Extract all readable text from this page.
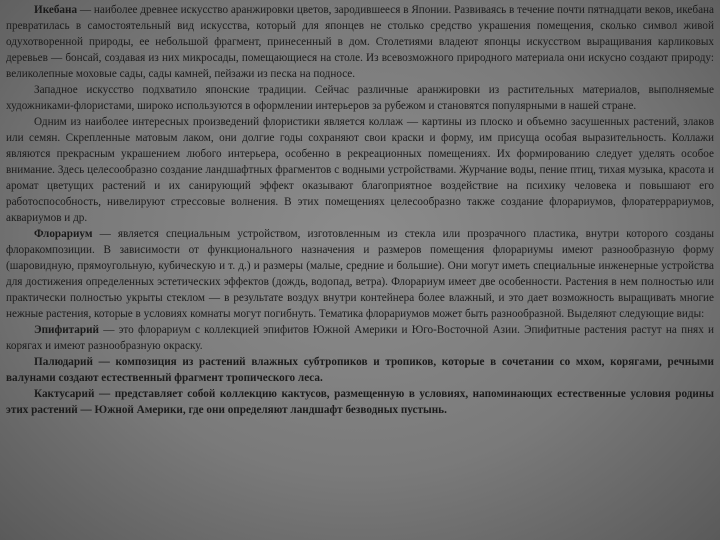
Икебана — наиболее древнее искусство аранжировки цветов, зародившееся в Японии. Развиваясь в течение почти пятнадцати веков, икебана превратилась в самостоятельный вид искусства, который для японцев не столько средство украшения помещения, сколько символ живой одухотворенной природы, ее небольшой фрагмент, принесенный в дом. Столетиями владеют японцы искусством выращивания карликовых деревьев — бонсай, создавая из них микросады, помещающиеся на столе. Из всевозможного природного материала они искусно создают природу: великолепные моховые сады, сады камней, пейзажи из песка на подносе.

Западное искусство подхватило японские традиции. Сейчас различные аранжировки из растительных материалов, выполняемые художниками-флористами, широко используются в оформлении интерьеров за рубежом и становятся популярными в нашей стране.

Одним из наиболее интересных произведений флористики является коллаж — картины из плоско и объемно засушенных растений, злаков или семян. Скрепленные матовым лаком, они долгие годы сохраняют свои краски и форму, им присуща особая выразительность. Коллажи являются прекрасным украшением любого интерьера, особенно в рекреационных помещениях. Их формированию следует уделять особое внимание. Здесь целесообразно создание ландшафтных фрагментов с водными устройствами. Журчание воды, пение птиц, тихая музыка, красота и аромат цветущих растений и их санирующий эффект оказывают благоприятное воздействие на психику человека и повышают его работоспособность, нивелируют стрессовые волнения. В этих помещениях целесообразно также создание флорариумов, флоратеррариумов, аквариумов и др.

Флорариум — является специальным устройством, изготовленным из стекла или прозрачного пластика, внутри которого созданы флоракомпозиции. В зависимости от функционального назначения и размеров помещения флорариумы имеют разнообразную форму (шаровидную, прямоугольную, кубическую и т. д.) и размеры (малые, средние и большие). Они могут иметь специальные инженерные устройства для достижения определенных эстетических эффектов (дождь, водопад, ветра). Флорариум имеет две особенности. Растения в нем полностью или практически полностью укрыты стеклом — в результате воздух внутри контейнера более влажный, и это дает возможность выращивать многие нежные растения, которые в условиях комнаты могут погибнуть. Тематика флорариумов может быть разнообразной. Выделяют следующие виды:

Эпифитарий — это флорариум с коллекцией эпифитов Южной Америки и Юго-Восточной Азии. Эпифитные растения растут на пнях и корягах и имеют разнообразную окраску.

Палюдарий — композиция из растений влажных субтропиков и тропиков, которые в сочетании со мхом, корягами, речными валунами создают естественный фрагмент тропического леса.

Кактусарий — представляет собой коллекцию кактусов, размещенную в условиях, напоминающих естественные условия родины этих растений — Южной Америки, где они определяют ландшафт безводных пустынь.
